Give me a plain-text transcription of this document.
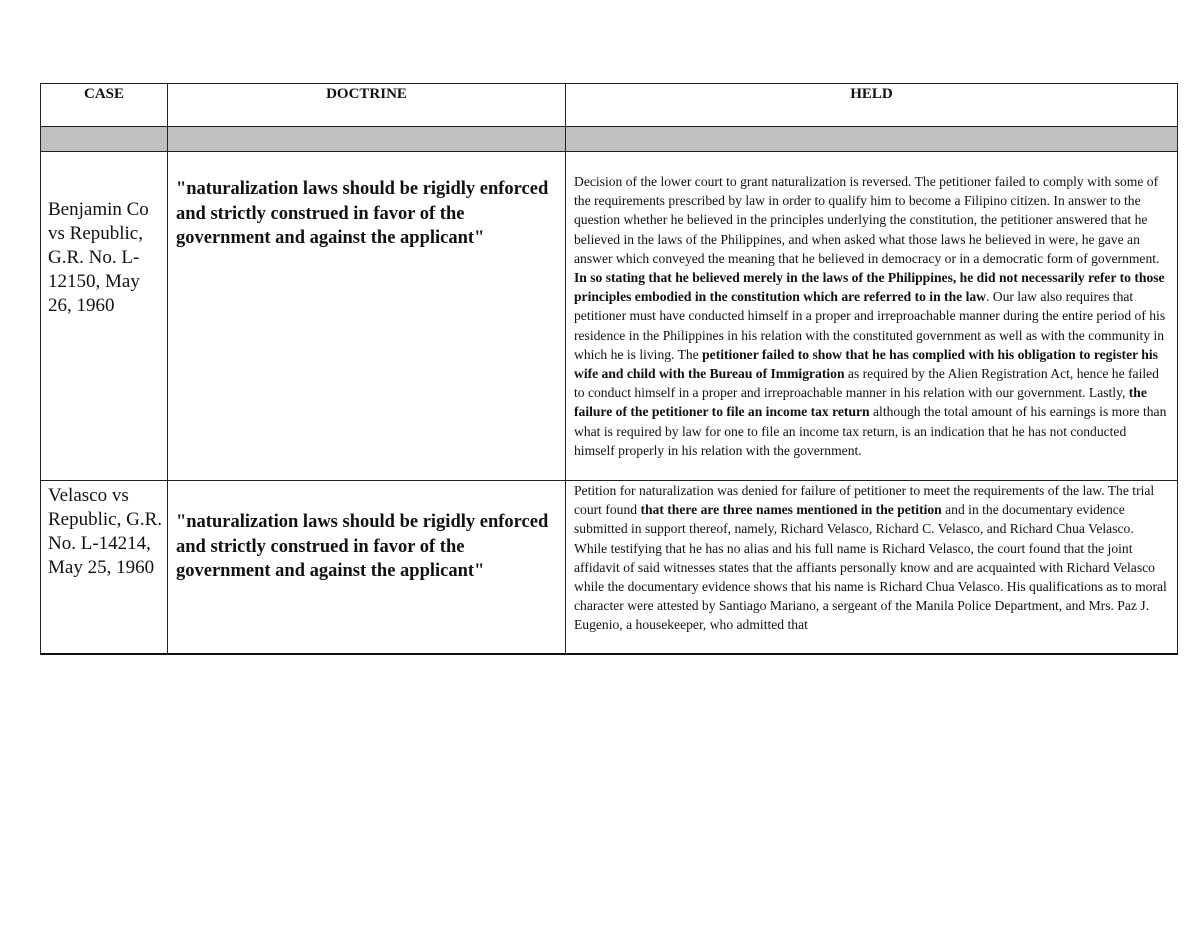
CASE	DOCTRINE	HELD

Benjamin Co vs Republic, G.R. No. L-12150, May 26, 1960	"naturalization laws should be rigidly enforced and strictly construed in favor of the government and against the applicant"	Decision of the lower court to grant naturalization is reversed. The petitioner failed to comply with some of the requirements prescribed by law in order to qualify him to become a Filipino citizen. In answer to the question whether he believed in the principles underlying the constitution, the petitioner answered that he believed in the laws of the Philippines, and when asked what those laws he believed in were, he gave an answer which conveyed the meaning that he believed in democracy or in a democratic form of government. In so stating that he believed merely in the laws of the Philippines, he did not necessarily refer to those principles embodied in the constitution which are referred to in the law. Our law also requires that petitioner must have conducted himself in a proper and irreproachable manner during the entire period of his residence in the Philippines in his relation with the constituted government as well as with the community in which he is living. The petitioner failed to show that he has complied with his obligation to register his wife and child with the Bureau of Immigration as required by the Alien Registration Act, hence he failed to conduct himself in a proper and irreproachable manner in his relation with our government. Lastly, the failure of the petitioner to file an income tax return although the total amount of his earnings is more than what is required by law for one to file an income tax return, is an indication that he has not conducted himself properly in his relation with the government.
Velasco vs Republic, G.R. No. L-14214, May 25, 1960	"naturalization laws should be rigidly enforced and strictly construed in favor of the government and against the applicant"	Petition for naturalization was denied for failure of petitioner to meet the requirements of the law. The trial court found that there are three names mentioned in the petition and in the documentary evidence submitted in support thereof, namely, Richard Velasco, Richard C. Velasco, and Richard Chua Velasco. While testifying that he has no alias and his full name is Richard Velasco, the court found that the joint affidavit of said witnesses states that the affiants personally know and are acquainted with Richard Velasco while the documentary evidence shows that his name is Richard Chua Velasco. His qualifications as to moral character were attested by Santiago Mariano, a sergeant of the Manila Police Department, and Mrs. Paz J. Eugenio, a housekeeper, who admitted that
